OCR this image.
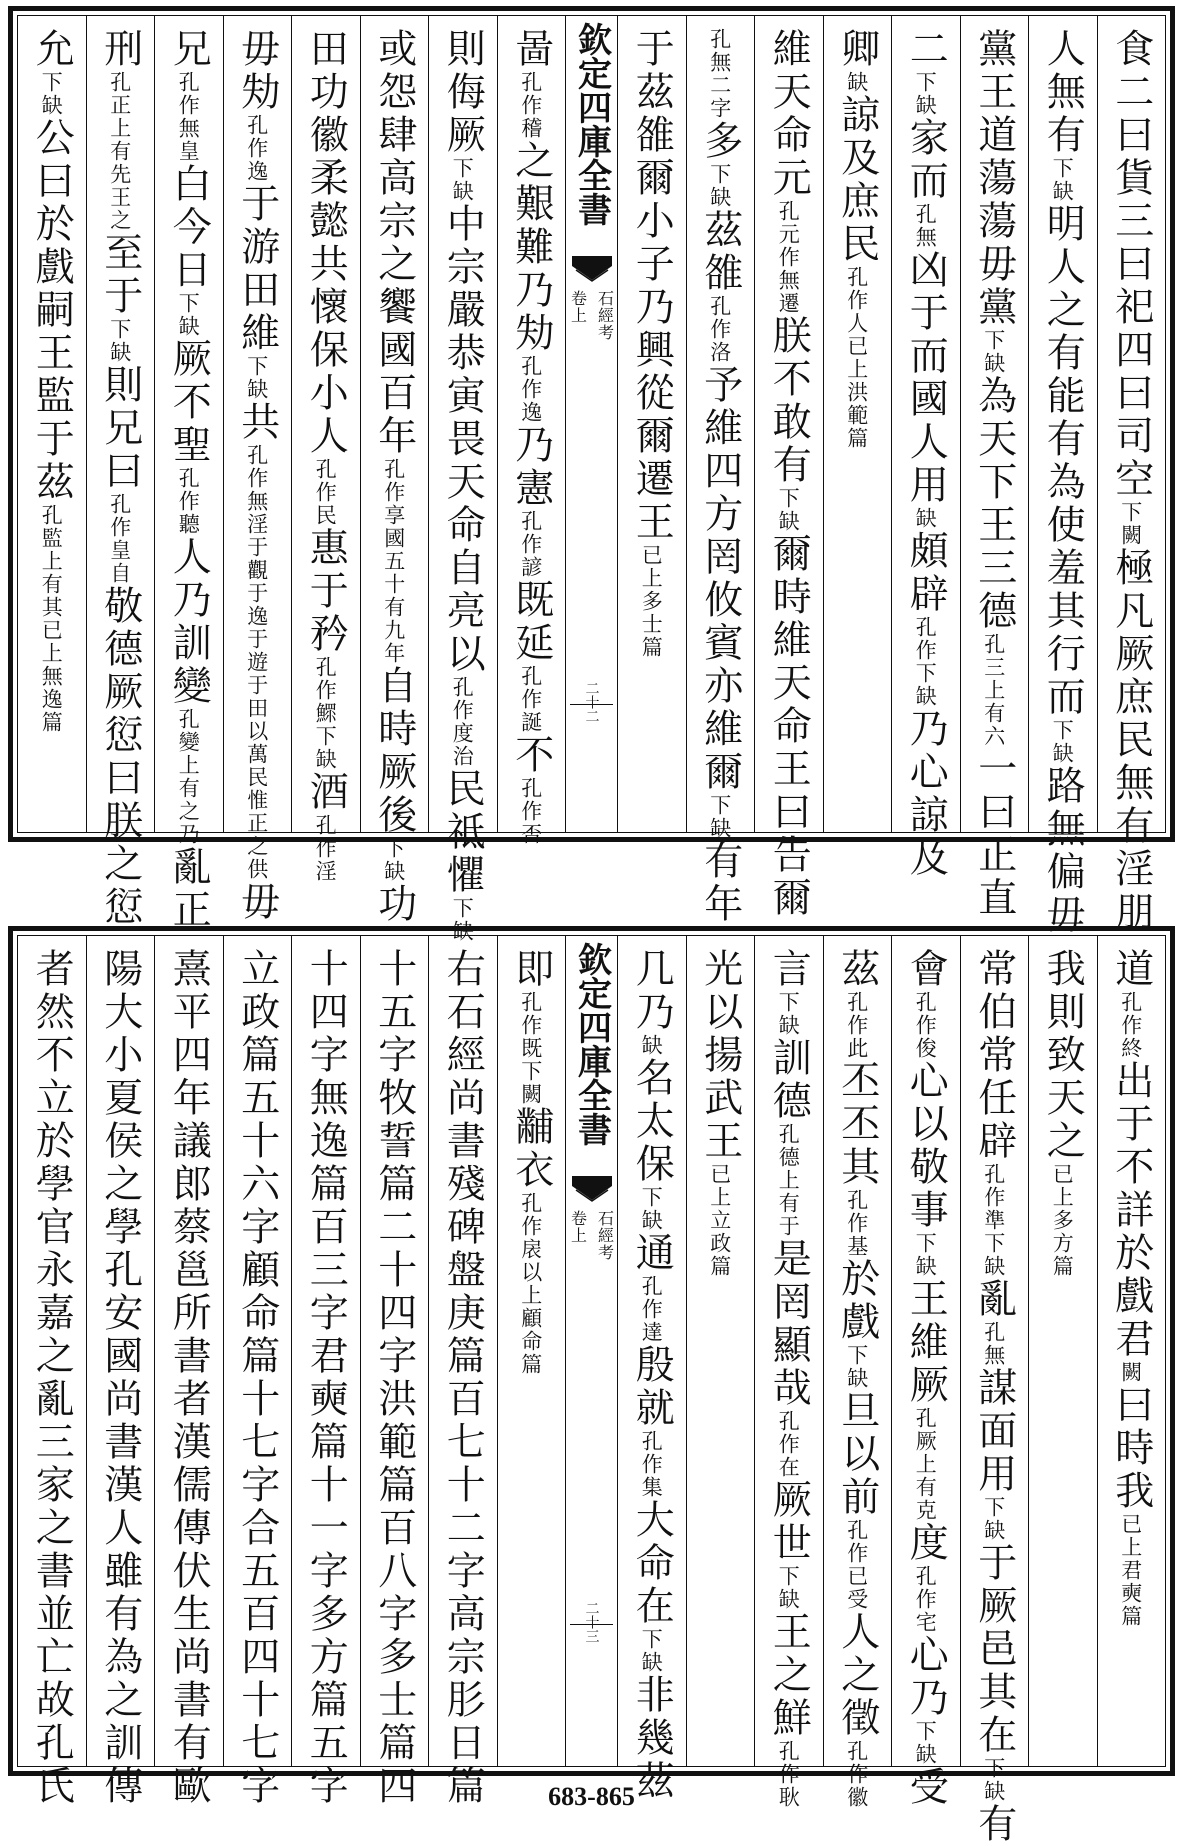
食二曰貨三曰祀四曰司空下闕極凡厥庶民無有淫朋
人無有下缺明人之有能有為使羞其行而下缺路無偏毋
黨王道蕩蕩毋黨下缺為天下王三德孔三上有六一曰正直
二下缺家而孔無凶于而國人用缺頗辟孔作下缺乃心諒及
卿缺諒及庶民孔作人已上洪範篇
維天命元孔元作無遷朕不敢有下缺爾時維天命王曰告爾
孔無二字多下缺茲雒孔作洛予維四方罔攸賓亦維爾下缺有年
于茲雒爾小子乃興從爾遷王已上多士篇
欽定四庫全書
石經考
卷上
二十二
啚孔作稽之艱難乃劮孔作逸乃憲孔作諺既延孔作誕不孔作否
則侮厥下缺中宗嚴恭寅畏天命自亮以孔作度治民祗懼下缺
或怨肆高宗之饗國百年孔作享國五十有九年自時厥後下缺功
田功徽柔懿共懷保小人孔作民惠于矜孔作鰥下缺酒孔作淫
毋劮孔作逸于游田維下缺共孔作無淫于觀于逸于遊于田以萬民惟正之供毋
兄孔作無皇白今日下缺厥不聖孔作聽人乃訓變孔變上有之乃亂正
刑孔正上有先王之至于下缺則兄曰孔作皇自敬德厥愆曰朕之愆
允下缺公曰於戲嗣王監于茲孔監上有其已上無逸篇
道孔作終出于不詳於戲君闕曰時我已上君奭篇
我則致天之已上多方篇
常伯常任辟孔作準下缺亂孔無謀面用下缺于厥邑其在下缺有
會孔作俊心以敬事下缺王維厥孔厥上有克度孔作宅心乃下缺受
茲孔作此丕丕其孔作基於戲下缺旦以前孔作已受人之徵孔作徽
言下缺訓德孔德上有于是罔顯哉孔作在厥世下缺王之鮮孔作耿
光以揚武王已上立政篇
几乃缺名太保下缺通孔作達殷就孔作集大命在下缺非幾茲
欽定四庫全書
石經考
卷上
二十三
即孔作既下闕黼衣孔作扆以上顧命篇
右石經尚書殘碑盤庚篇百七十二字高宗肜日篇
十五字牧誓篇二十四字洪範篇百八字多士篇四
十四字無逸篇百三字君奭篇十一字多方篇五字
立政篇五十六字顧命篇十七字合五百四十七字
熹平四年議郎蔡邕所書者漢儒傳伏生尚書有歐
陽大小夏侯之學孔安國尚書漢人雖有為之訓傳
者然不立於學官永嘉之亂三家之書並亡故孔氏	683-865
